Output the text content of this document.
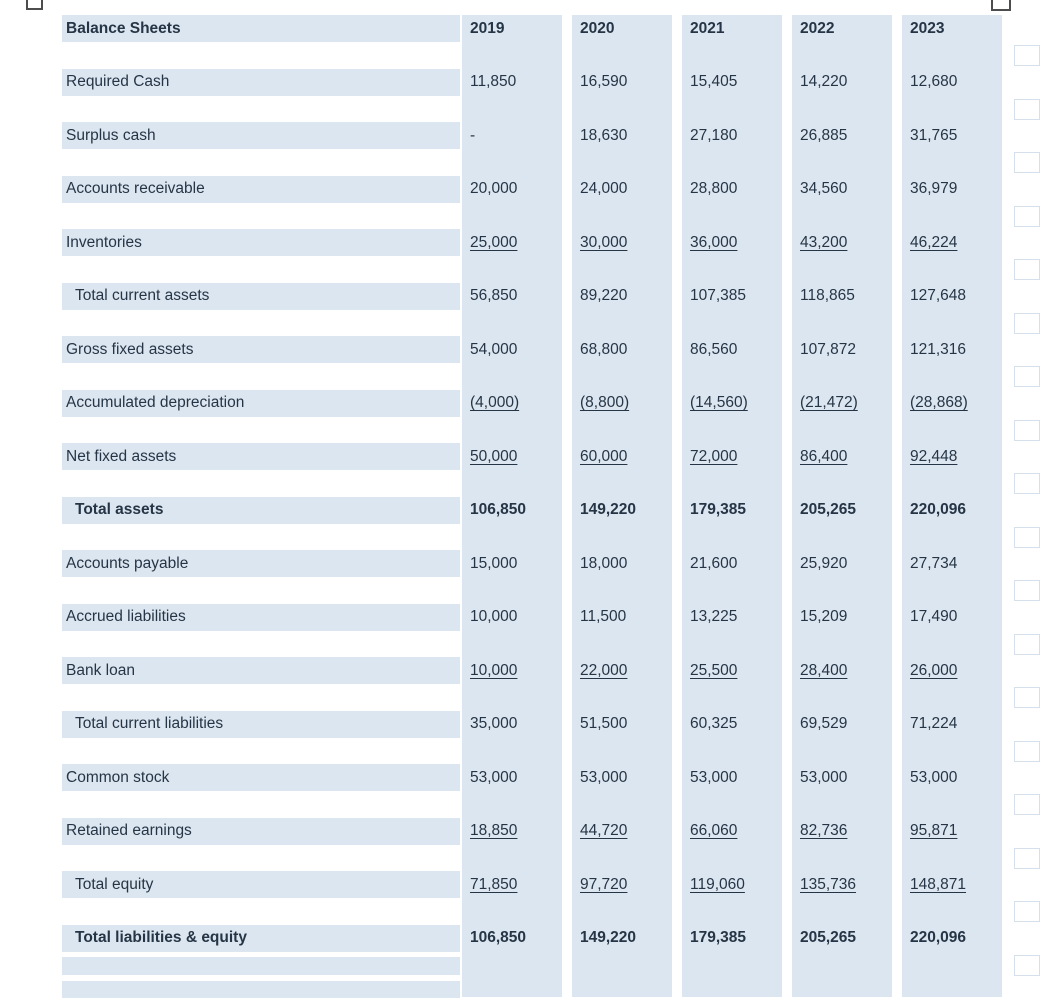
Balance Sheets	2019	2020	2021	2022	2023
Required Cash	11,850	16,590	15,405	14,220	12,680
Surplus cash	-	18,630	27,180	26,885	31,765
Accounts receivable	20,000	24,000	28,800	34,560	36,979
Inventories	25,000	30,000	36,000	43,200	46,224
Total current assets	56,850	89,220	107,385	118,865	127,648
Gross fixed assets	54,000	68,800	86,560	107,872	121,316
Accumulated depreciation	(4,000)	(8,800)	(14,560)	(21,472)	(28,868)
Net fixed assets	50,000	60,000	72,000	86,400	92,448
Total assets	106,850	149,220	179,385	205,265	220,096
Accounts payable	15,000	18,000	21,600	25,920	27,734
Accrued liabilities	10,000	11,500	13,225	15,209	17,490
Bank loan	10,000	22,000	25,500	28,400	26,000
Total current liabilities	35,000	51,500	60,325	69,529	71,224
Common stock	53,000	53,000	53,000	53,000	53,000
Retained earnings	18,850	44,720	66,060	82,736	95,871
Total equity	71,850	97,720	119,060	135,736	148,871
Total liabilities & equity	106,850	149,220	179,385	205,265	220,096
